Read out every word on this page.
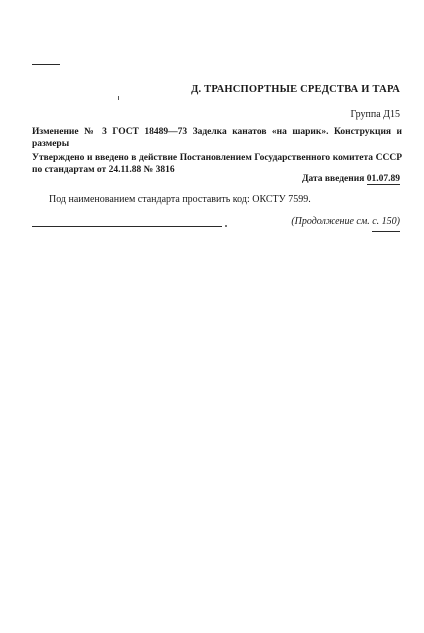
Д. ТРАНСПОРТНЫЕ СРЕДСТВА И ТАРА
Группа Д15
Изменение № 3 ГОСТ 18489—73 Заделка канатов «на шарик». Конструкция и размеры
Утверждено и введено в действие Постановлением Государственного комитета СССР по стандартам от 24.11.88 № 3816
Дата введения 01.07.89
Под наименованием стандарта проставить код: ОКСТУ 7599.
(Продолжение см. с. 150)
